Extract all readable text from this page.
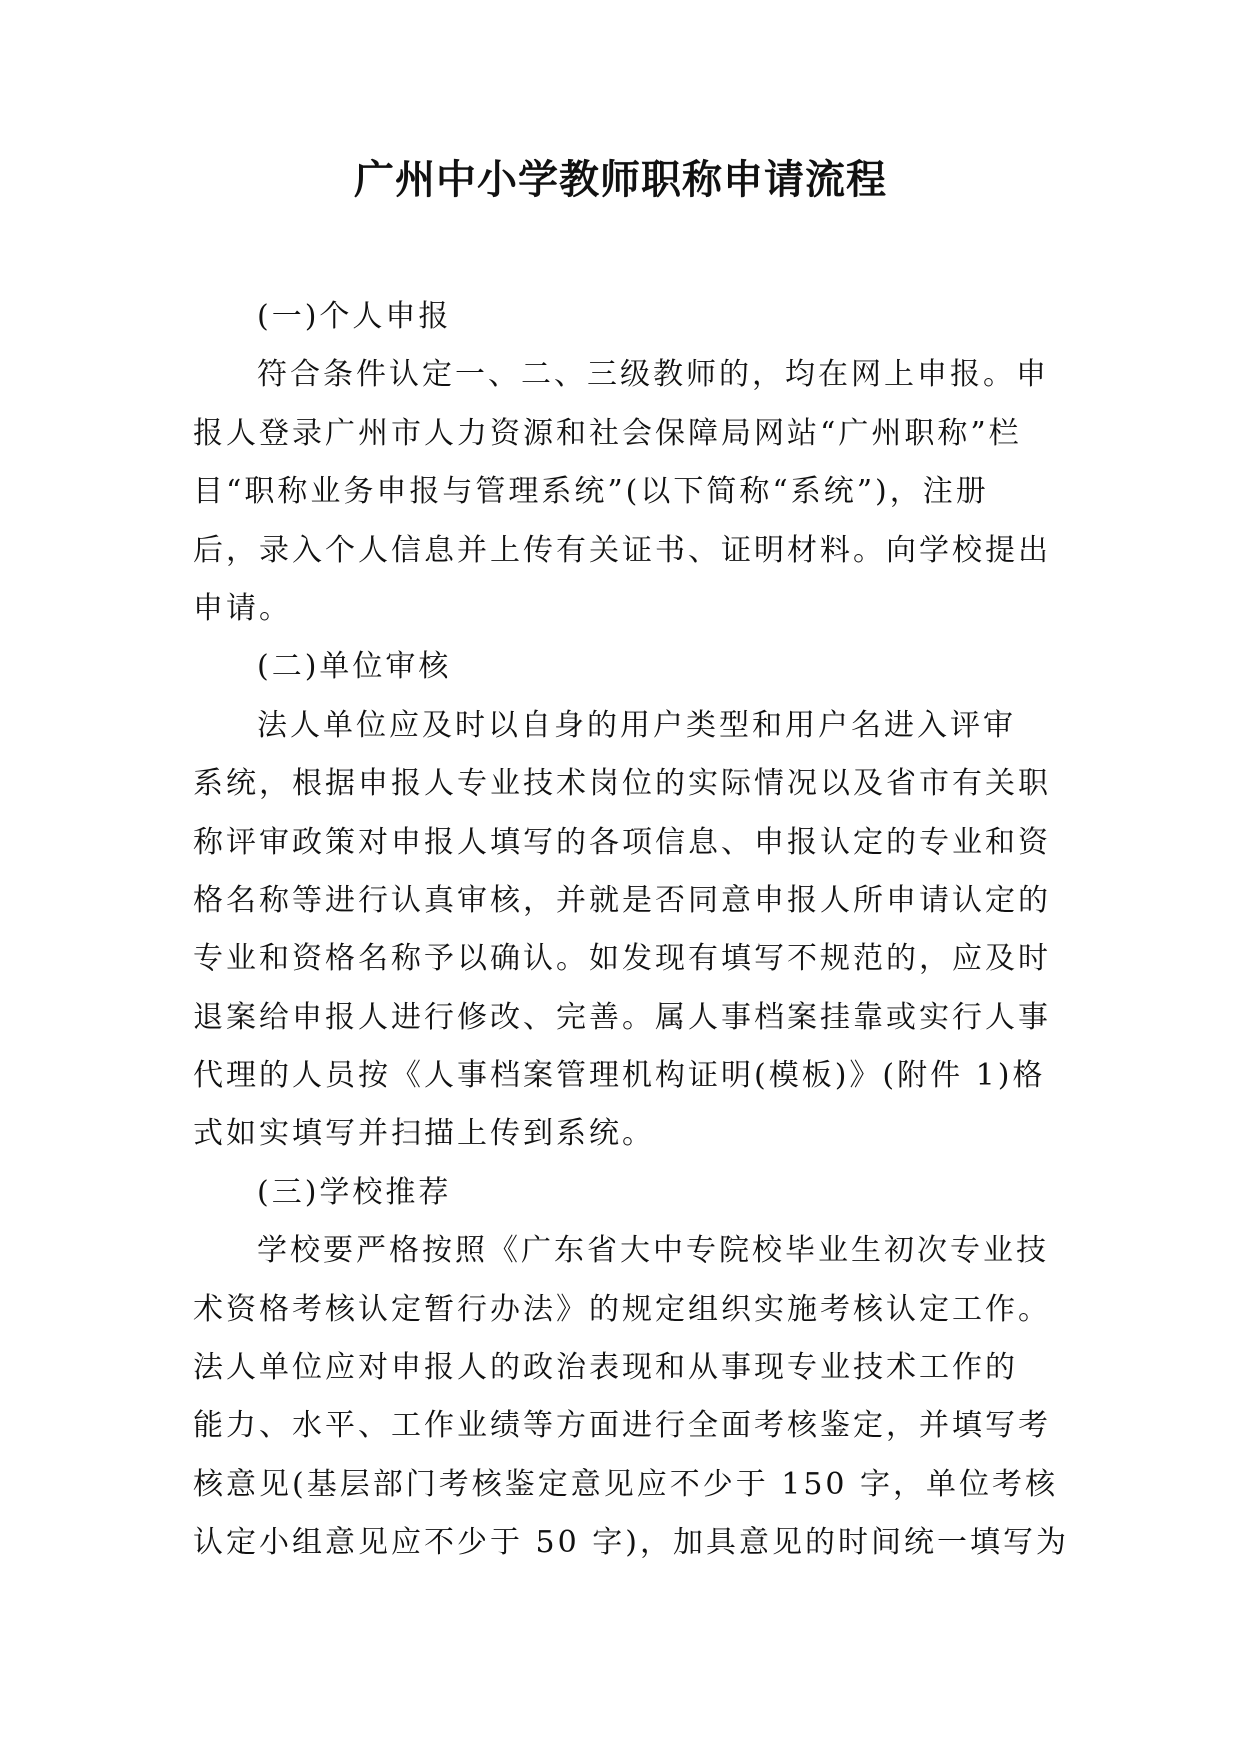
广州中小学教师职称申请流程
(一)个人申报
符合条件认定一、二、三级教师的，均在网上申报。申
报人登录广州市人力资源和社会保障局网站“广州职称”栏
目“职称业务申报与管理系统”(以下简称“系统”)，注册
后，录入个人信息并上传有关证书、证明材料。向学校提出
申请。
(二)单位审核
法人单位应及时以自身的用户类型和用户名进入评审
系统，根据申报人专业技术岗位的实际情况以及省市有关职
称评审政策对申报人填写的各项信息、申报认定的专业和资
格名称等进行认真审核，并就是否同意申报人所申请认定的
专业和资格名称予以确认。如发现有填写不规范的，应及时
退案给申报人进行修改、完善。属人事档案挂靠或实行人事
代理的人员按《人事档案管理机构证明(模板)》(附件 1)格
式如实填写并扫描上传到系统。
(三)学校推荐
学校要严格按照《广东省大中专院校毕业生初次专业技
术资格考核认定暂行办法》的规定组织实施考核认定工作。
法人单位应对申报人的政治表现和从事现专业技术工作的
能力、水平、工作业绩等方面进行全面考核鉴定，并填写考
核意见(基层部门考核鉴定意见应不少于 150 字，单位考核
认定小组意见应不少于 50 字)，加具意见的时间统一填写为
